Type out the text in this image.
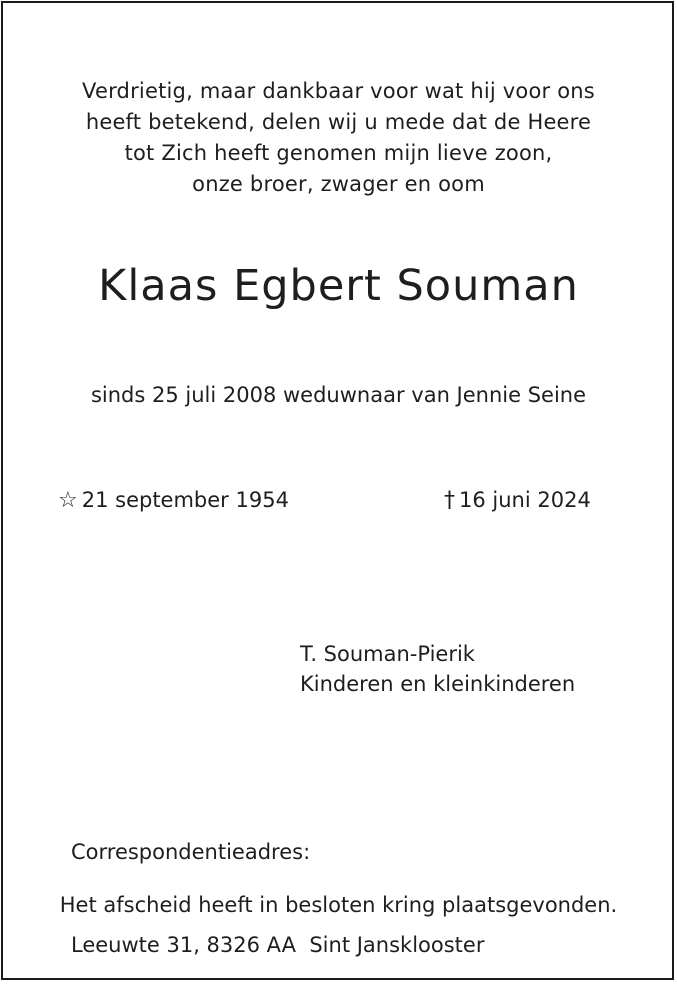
Verdrietig, maar dankbaar voor wat hij voor ons
heeft betekend, delen wij u mede dat de Heere
tot Zich heeft genomen mijn lieve zoon,
onze broer, zwager en oom
Klaas Egbert Souman
sinds 25 juli 2008 weduwnaar van Jennie Seine
☆ 21 september 1954	† 16 juni 2024
T. Souman-Pierik
Kinderen en kleinkinderen

Correspondentieadres:

Leeuwte 31, 8326 AA  Sint Jansklooster

Het afscheid heeft in besloten kring plaatsgevonden.
